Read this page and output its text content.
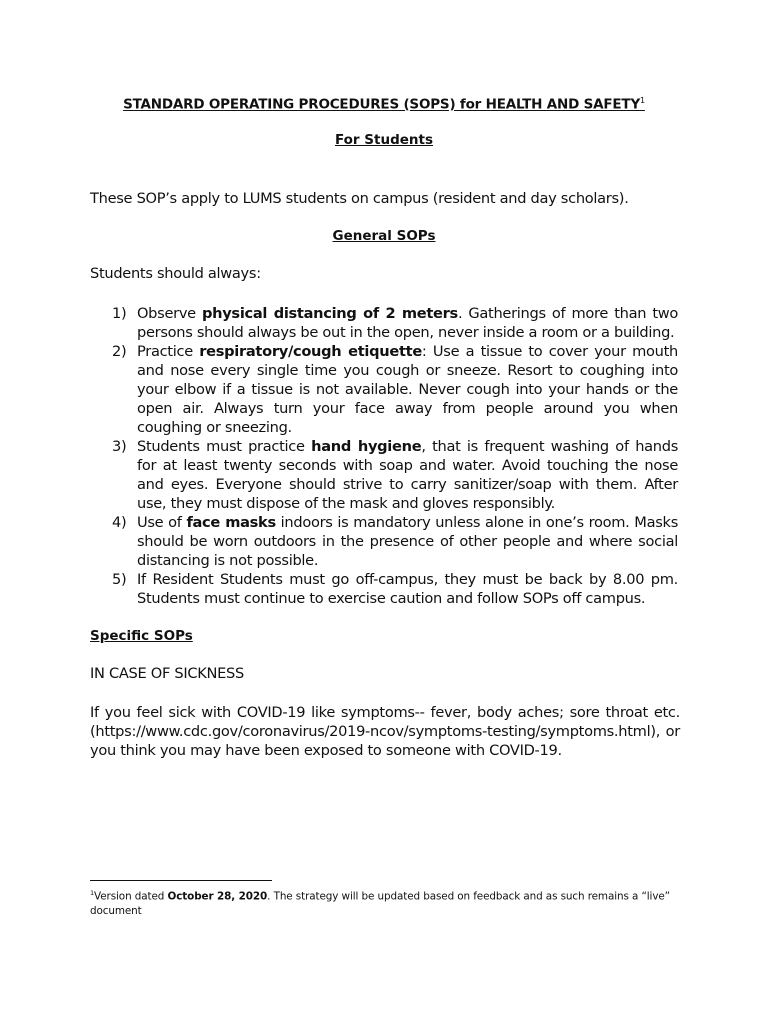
STANDARD OPERATING PROCEDURES (SOPS) for HEALTH AND SAFETY$^1$
For Students
These SOP’s apply to LUMS students on campus (resident and day scholars).
General SOPs
Students should always:
1) Observe physical distancing of 2 meters. Gatherings of more than two persons should always be out in the open, never inside a room or a building.
2) Practice respiratory/cough etiquette: Use a tissue to cover your mouth and nose every single time you cough or sneeze. Resort to coughing into your elbow if a tissue is not available. Never cough into your hands or the open air. Always turn your face away from people around you when coughing or sneezing.
3) Students must practice hand hygiene, that is frequent washing of hands for at least twenty seconds with soap and water. Avoid touching the nose and eyes. Everyone should strive to carry sanitizer/soap with them. After use, they must dispose of the mask and gloves responsibly.
4) Use of face masks indoors is mandatory unless alone in one’s room. Masks should be worn outdoors in the presence of other people and where social distancing is not possible.
5) If Resident Students must go off-campus, they must be back by 8.00 pm. Students must continue to exercise caution and follow SOPs off campus.
Specific SOPs
IN CASE OF SICKNESS
If you feel sick with COVID-19 like symptoms-- fever, body aches; sore throat etc. (https://www.cdc.gov/coronavirus/2019-ncov/symptoms-testing/symptoms.html), or you think you may have been exposed to someone with COVID-19.
$^1$Version dated October 28, 2020. The strategy will be updated based on feedback and as such remains a “live” document
